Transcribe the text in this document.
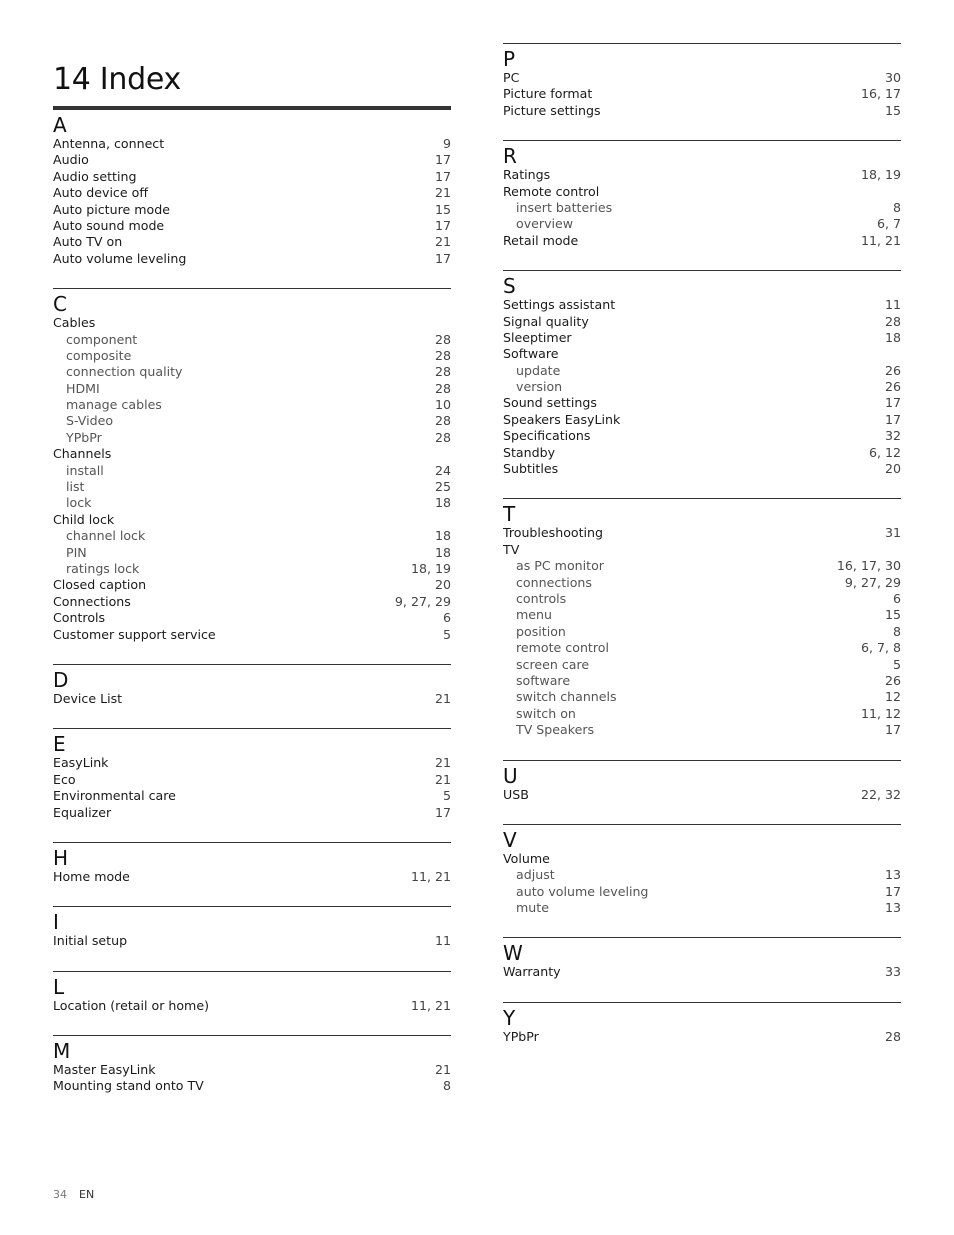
14 Index
A
Antenna, connect	9
Audio	17
Audio setting	17
Auto device off	21
Auto picture mode	15
Auto sound mode	17
Auto TV on	21
Auto volume leveling	17
C
Cables
component	28
composite	28
connection quality	28
HDMI	28
manage cables	10
S-Video	28
YPbPr	28
Channels
install	24
list	25
lock	18
Child lock
channel lock	18
PIN	18
ratings lock	18, 19
Closed caption	20
Connections	9, 27, 29
Controls	6
Customer support service	5
D
Device List	21
E
EasyLink	21
Eco	21
Environmental care	5
Equalizer	17
H
Home mode	11, 21
I
Initial setup	11
L
Location (retail or home)	11, 21
M
Master EasyLink	21
Mounting stand onto TV	8
P
PC	30
Picture format	16, 17
Picture settings	15
R
Ratings	18, 19
Remote control
insert batteries	8
overview	6, 7
Retail mode	11, 21
S
Settings assistant	11
Signal quality	28
Sleeptimer	18
Software
update	26
version	26
Sound settings	17
Speakers EasyLink	17
Specifications	32
Standby	6, 12
Subtitles	20
T
Troubleshooting	31
TV
as PC monitor	16, 17, 30
connections	9, 27, 29
controls	6
menu	15
position	8
remote control	6, 7, 8
screen care	5
software	26
switch channels	12
switch on	11, 12
TV Speakers	17
U
USB	22, 32
V
Volume
adjust	13
auto volume leveling	17
mute	13
W
Warranty	33
Y
YPbPr	28
34 EN
